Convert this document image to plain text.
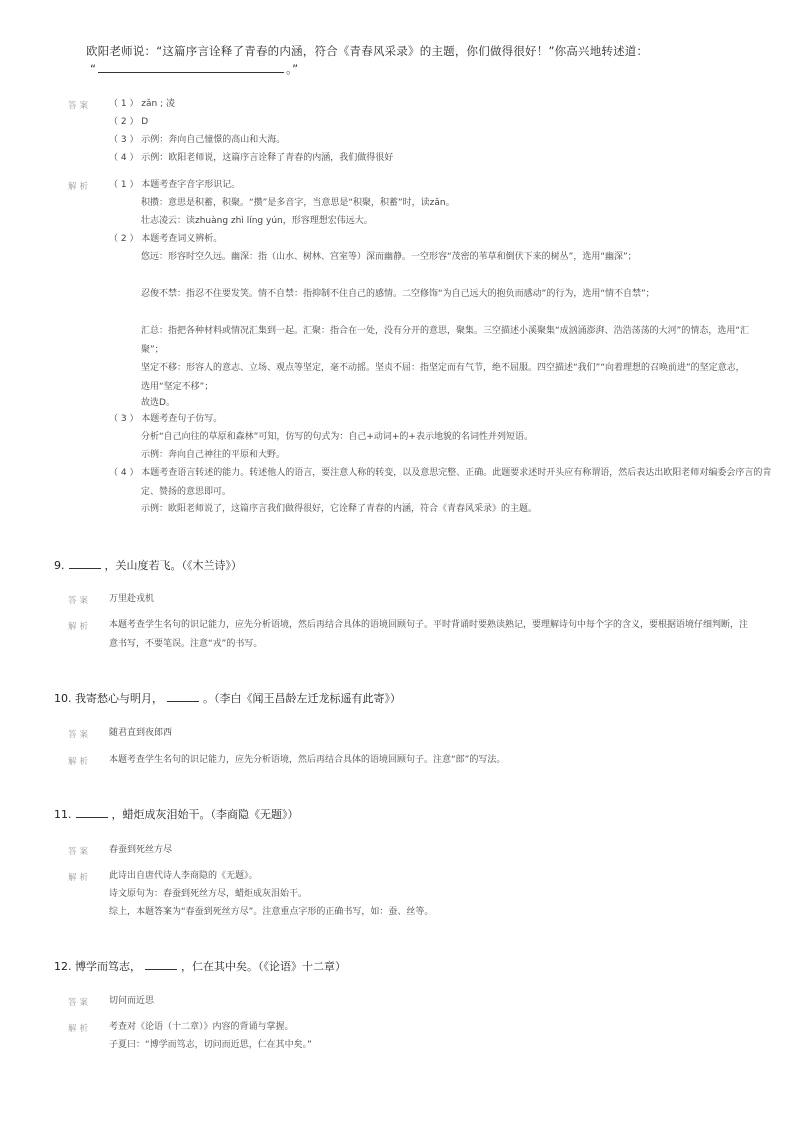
欧阳老师说：“这篇序言诠释了青春的内涵，符合《青春风采录》的主题，你们做得很好！”你高兴地转述道：
“	。”
答案 （ 1 ） zǎn ; 凌
（ 2 ） D
（ 3 ） 示例：奔向自己憧憬的高山和大海。
（ 4 ） 示例：欧阳老师说，这篇序言诠释了青春的内涵，我们做得很好
解析 （ 1 ） 本题考查字音字形识记。
积攒：意思是积蓄，积聚。“攒”是多音字，当意思是“积聚，积蓄”时，读zǎn。
壮志凌云：读zhuàng zhì líng yún，形容理想宏伟远大。
（ 2 ） 本题考查词义辨析。
悠远：形容时空久远。幽深：指（山水、树林、宫室等）深而幽静。一空形容“茂密的苇草和倒伏下来的树丛”，选用“幽深”；
忍俊不禁：指忍不住要发笑。情不自禁：指抑制不住自己的感情。二空修饰“为自己远大的抱负而感动”的行为，选用“情不自禁”；
汇总：指把各种材料或情况汇集到一起。汇聚：指合在一处，没有分开的意思，聚集。三空描述小溪聚集“成汹涌澎湃、浩浩荡荡的大河”的情态，选用“汇聚”；
坚定不移：形容人的意志、立场、观点等坚定，毫不动摇。坚贞不屈：指坚定而有气节，绝不屈服。四空描述“我们”“向着理想的召唤前进”的坚定意志，选用“坚定不移”；
故选D。
（ 3 ） 本题考查句子仿写。
分析“自己向往的草原和森林”可知，仿写的句式为：自己+动词+的+表示地貌的名词性并列短语。
示例：奔向自己神往的平原和大野。
（ 4 ） 本题考查语言转述的能力。转述他人的语言，要注意人称的转变，以及意思完整、正确。此题要求述时开头应有称谓语，然后表达出欧阳老师对编委会序言的肯定、赞扬的意思即可。
示例：欧阳老师说了，这篇序言我们做得很好，它诠释了青春的内涵，符合《青春风采录》的主题。
9.	，关山度若飞。（《木兰诗》）
答案 万里赴戎机
解析 本题考查学生名句的识记能力，应先分析语境，然后再结合具体的语境回顾句子。平时背诵时要熟读熟记，要理解诗句中每个字的含义，要根据语境仔细判断，注意书写，不要笔误。注意“戎”的书写。
10. 我寄愁心与明月，	。（李白《闻王昌龄左迁龙标遥有此寄》）
答案 随君直到夜郎西
解析 本题考查学生名句的识记能力，应先分析语境，然后再结合具体的语境回顾句子。注意“郎”的写法。
11.	，蜡炬成灰泪始干。（李商隐《无题》）
答案 春蚕到死丝方尽
解析 此诗出自唐代诗人李商隐的《无题》。
诗文原句为：春蚕到死丝方尽，蜡炬成灰泪始干。
综上，本题答案为“春蚕到死丝方尽”。注意重点字形的正确书写，如：蚕、丝等。
12. 博学而笃志，	，仁在其中矣。（《论语》十二章）
答案 切问而近思
解析 考查对《论语（十二章）》内容的背诵与掌握。
子夏曰：“博学而笃志，切问而近思，仁在其中矣。”
